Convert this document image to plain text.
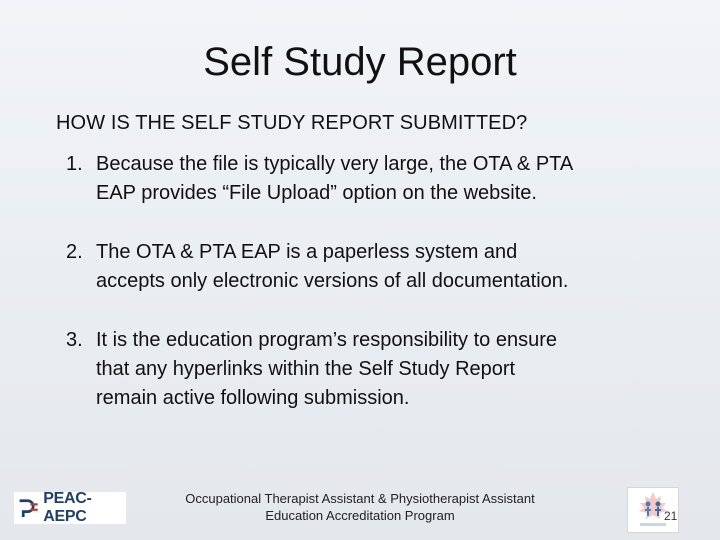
Self Study Report
HOW IS THE SELF STUDY REPORT SUBMITTED?
1. Because the file is typically very large, the OTA & PTA EAP provides “File Upload” option on the website.
2. The OTA & PTA EAP is a paperless system and accepts only electronic versions of all documentation.
3. It is the education program’s responsibility to ensure that any hyperlinks within the Self Study Report remain active following submission.
PEAC-AEPC
Occupational Therapist Assistant & Physiotherapist Assistant
Education Accreditation Program	21
